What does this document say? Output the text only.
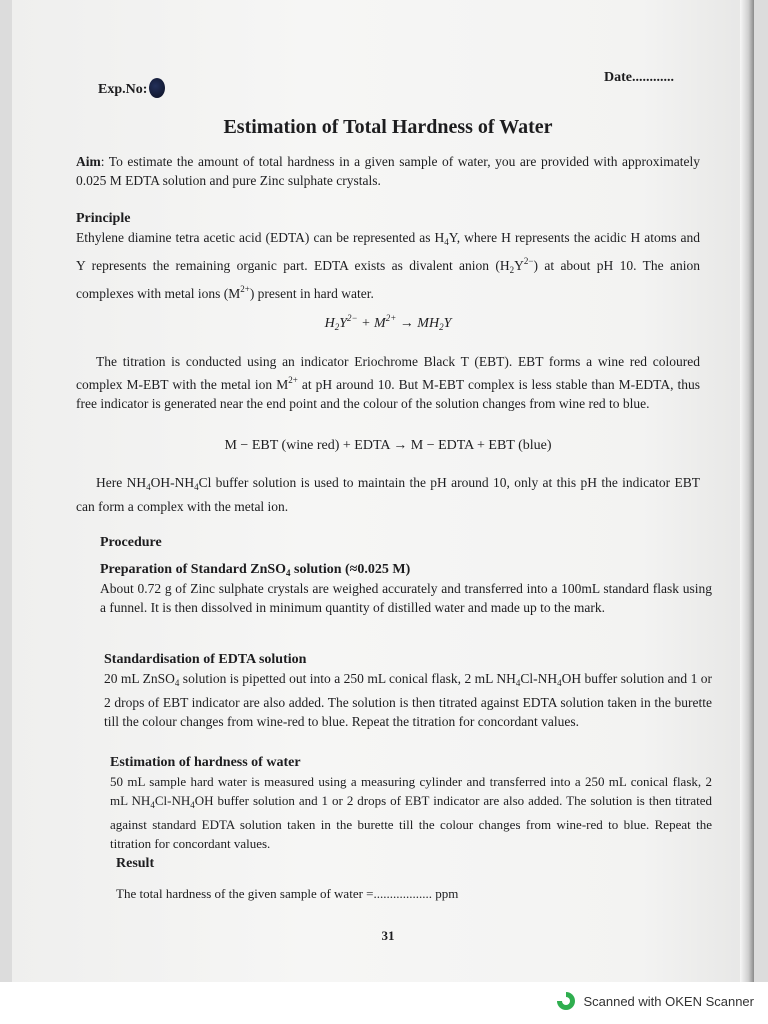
Exp.No:
Date............
Estimation of Total Hardness of Water
Aim: To estimate the amount of total hardness in a given sample of water, you are provided with approximately 0.025 M EDTA solution and pure Zinc sulphate crystals.
Principle
Ethylene diamine tetra acetic acid (EDTA) can be represented as $H_4Y$, where H represents the acidic H atoms and Y represents the remaining organic part. EDTA exists as divalent anion $(H_2Y^{2-})$ at about pH 10. The anion complexes with metal ions $(M^{2+})$ present in hard water.
$H_2Y^{2-} + M^{2+} \to MH_2Y$
The titration is conducted using an indicator Eriochrome Black T (EBT). EBT forms a wine red coloured complex M-EBT with the metal ion $M^{2+}$ at pH around 10. But M-EBT complex is less stable than M-EDTA, thus free indicator is generated near the end point and the colour of the solution changes from wine red to blue.
M − EBT (wine red) + EDTA → M − EDTA + EBT (blue)
Here $NH_4OH-NH_4Cl$ buffer solution is used to maintain the pH around 10, only at this pH the indicator EBT can form a complex with the metal ion.
Procedure
Preparation of Standard ZnSO$_4$ solution (≈0.025 M)
About 0.72 g of Zinc sulphate crystals are weighed accurately and transferred into a 100mL standard flask using a funnel. It is then dissolved in minimum quantity of distilled water and made up to the mark.
Standardisation of EDTA solution
20 mL ZnSO$_4$ solution is pipetted out into a 250 mL conical flask, 2 mL $NH_4Cl-NH_4OH$ buffer solution and 1 or 2 drops of EBT indicator are also added. The solution is then titrated against EDTA solution taken in the burette till the colour changes from wine-red to blue. Repeat the titration for concordant values.
Estimation of hardness of water
50 mL sample hard water is measured using a measuring cylinder and transferred into a 250 mL conical flask, 2 mL $NH_4Cl-NH_4OH$ buffer solution and 1 or 2 drops of EBT indicator are also added. The solution is then titrated against standard EDTA solution taken in the burette till the colour changes from wine-red to blue. Repeat the titration for concordant values.
Result
The total hardness of the given sample of water =.................. ppm
31
Scanned with OKEN Scanner
